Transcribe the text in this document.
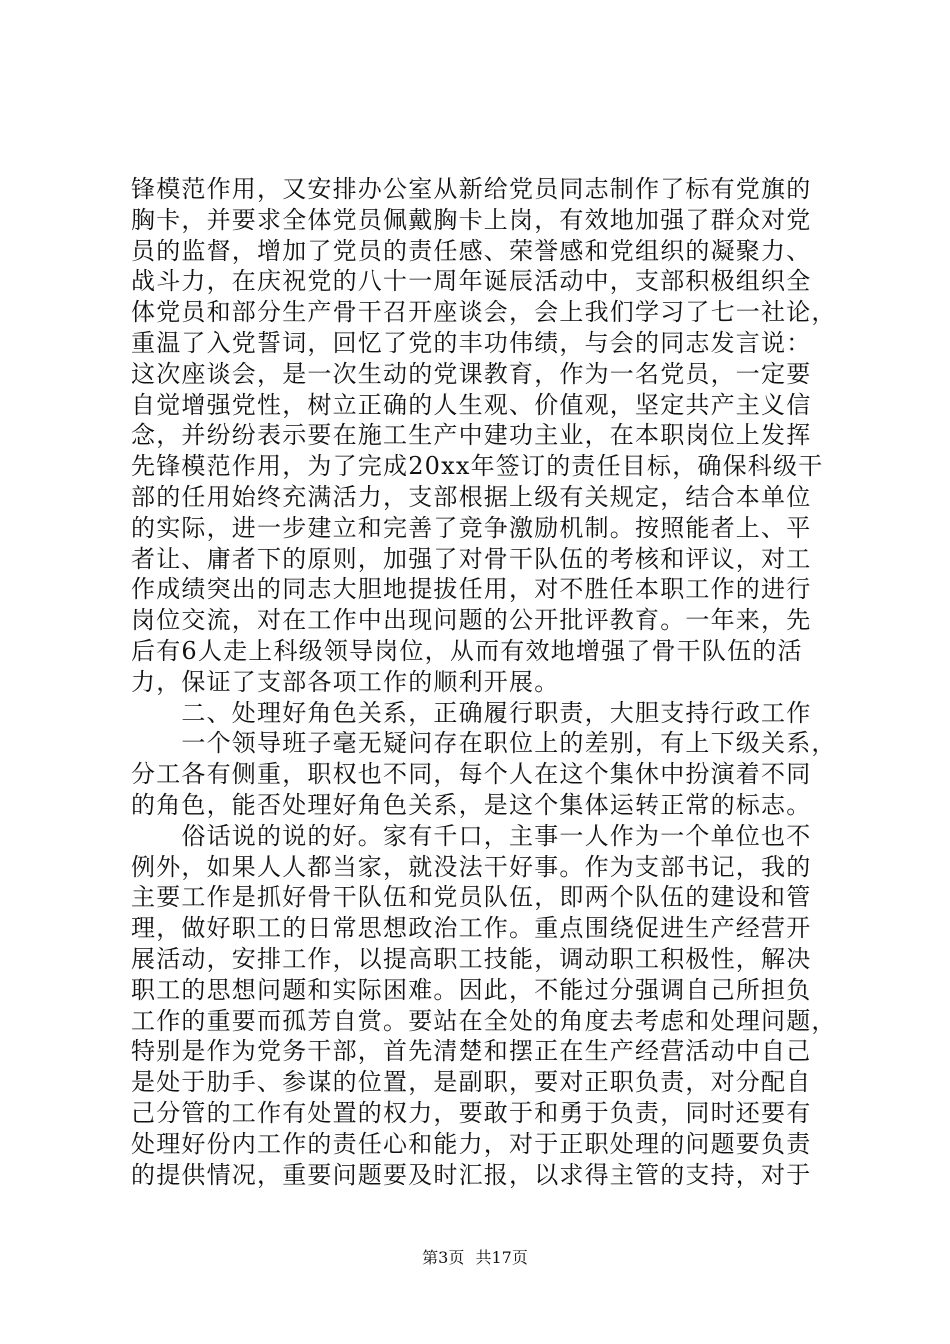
锋模范作用，又安排办公室从新给党员同志制作了标有党旗的
胸卡，并要求全体党员佩戴胸卡上岗，有效地加强了群众对党
员的监督，增加了党员的责任感、荣誉感和党组织的凝聚力、
战斗力，在庆祝党的八十一周年诞辰活动中，支部积极组织全
体党员和部分生产骨干召开座谈会，会上我们学习了七一社论，
重温了入党誓词，回忆了党的丰功伟绩，与会的同志发言说：
这次座谈会，是一次生动的党课教育，作为一名党员，一定要
自觉增强党性，树立正确的人生观、价值观，坚定共产主义信
念，并纷纷表示要在施工生产中建功主业，在本职岗位上发挥
先锋模范作用，为了完成20xx年签订的责任目标，确保科级干
部的任用始终充满活力，支部根据上级有关规定，结合本单位
的实际，进一步建立和完善了竞争激励机制。按照能者上、平
者让、庸者下的原则，加强了对骨干队伍的考核和评议，对工
作成绩突出的同志大胆地提拔任用，对不胜任本职工作的进行
岗位交流，对在工作中出现问题的公开批评教育。一年来，先
后有6人走上科级领导岗位，从而有效地增强了骨干队伍的活
力，保证了支部各项工作的顺利开展。
　　二、处理好角色关系，正确履行职责，大胆支持行政工作
　　一个领导班子毫无疑问存在职位上的差别，有上下级关系，
分工各有侧重，职权也不同，每个人在这个集休中扮演着不同
的角色，能否处理好角色关系，是这个集体运转正常的标志。
　　俗话说的说的好。家有千口，主事一人作为一个单位也不
例外，如果人人都当家，就没法干好事。作为支部书记，我的
主要工作是抓好骨干队伍和党员队伍，即两个队伍的建设和管
理，做好职工的日常思想政治工作。重点围绕促进生产经营开
展活动，安排工作，以提高职工技能，调动职工积极性，解决
职工的思想问题和实际困难。因此，不能过分强调自己所担负
工作的重要而孤芳自赏。要站在全处的角度去考虑和处理问题，
特别是作为党务干部，首先清楚和摆正在生产经营活动中自己
是处于肋手、参谋的位置，是副职，要对正职负责，对分配自
己分管的工作有处置的权力，要敢于和勇于负责，同时还要有
处理好份内工作的责任心和能力，对于正职处理的问题要负责
的提供情况，重要问题要及时汇报，以求得主管的支持，对于
第3页 共17页
